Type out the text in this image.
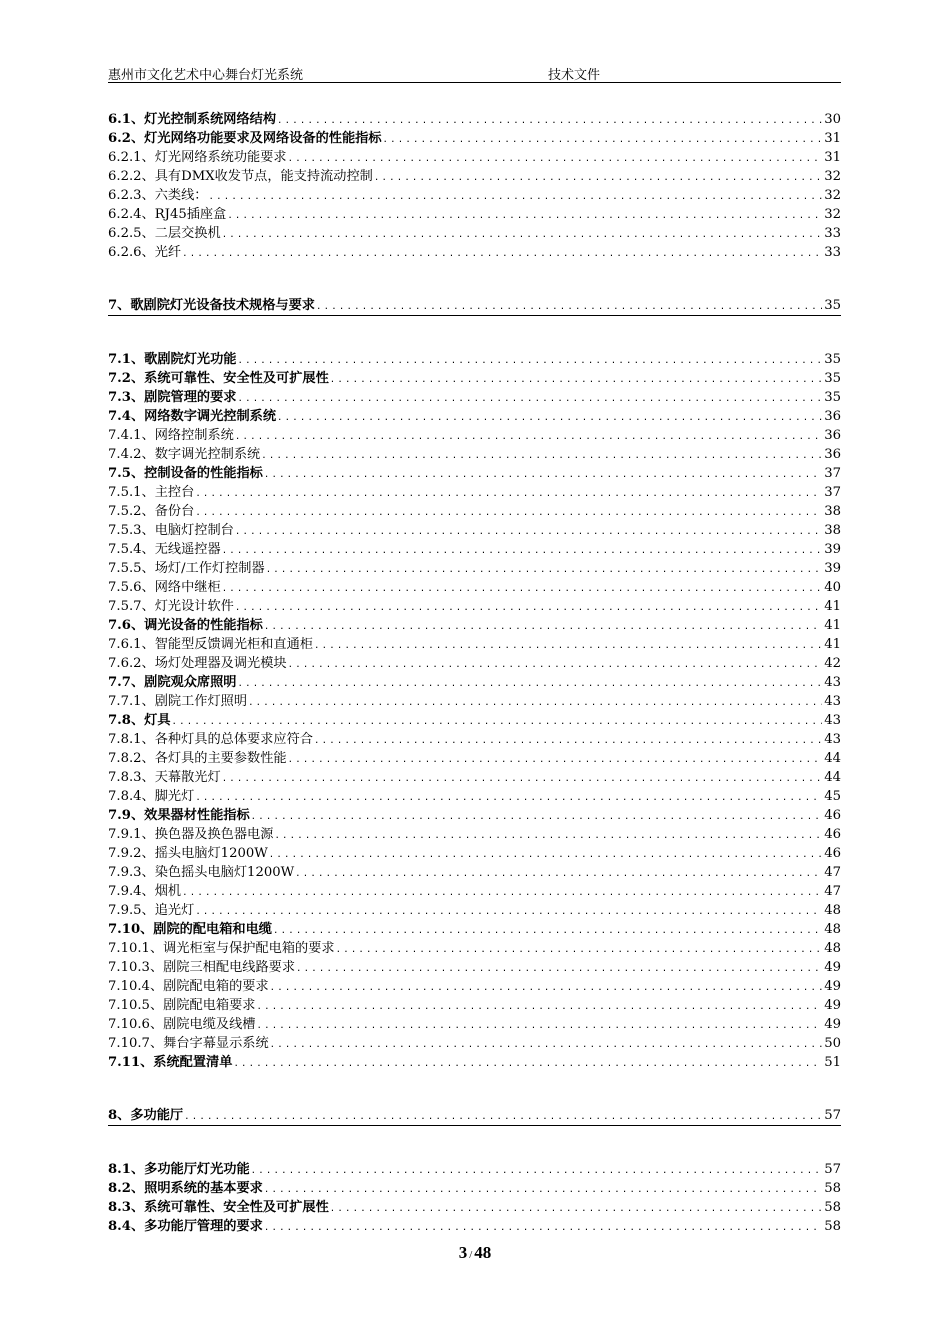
惠州市文化艺术中心舞台灯光系统	技术文件
6.1、灯光控制系统网络结构 .....	30
6.2、灯光网络功能要求及网络设备的性能指标 .....	31
6.2.1、灯光网络系统功能要求 .....	31
6.2.2、具有DMX收发节点，能支持流动控制 .....	32
6.2.3、六类线： .....	32
6.2.4、RJ45插座盒 .....	32
6.2.5、二层交换机 .....	33
6.2.6、光纤 .....	33
7、歌剧院灯光设备技术规格与要求 .....	35
7.1、歌剧院灯光功能 .....	35
7.2、系统可靠性、安全性及可扩展性 .....	35
7.3、剧院管理的要求 .....	35
7.4、网络数字调光控制系统 .....	36
7.4.1、网络控制系统 .....	36
7.4.2、数字调光控制系统 .....	36
7.5、控制设备的性能指标 .....	37
7.5.1、主控台 .....	37
7.5.2、备份台 .....	38
7.5.3、电脑灯控制台 .....	38
7.5.4、无线遥控器 .....	39
7.5.5、场灯/工作灯控制器 .....	39
7.5.6、网络中继柜 .....	40
7.5.7、灯光设计软件 .....	41
7.6、调光设备的性能指标 .....	41
7.6.1、智能型反馈调光柜和直通柜 .....	41
7.6.2、场灯处理器及调光模块 .....	42
7.7、剧院观众席照明 .....	43
7.7.1、剧院工作灯照明 .....	43
7.8、灯具 .....	43
7.8.1、各种灯具的总体要求应符合 .....	43
7.8.2、各灯具的主要参数性能 .....	44
7.8.3、天幕散光灯 .....	44
7.8.4、脚光灯 .....	45
7.9、效果器材性能指标 .....	46
7.9.1、换色器及换色器电源 .....	46
7.9.2、摇头电脑灯1200W .....	46
7.9.3、染色摇头电脑灯1200W .....	47
7.9.4、烟机 .....	47
7.9.5、追光灯 .....	48
7.10、剧院的配电箱和电缆 .....	48
7.10.1、调光柜室与保护配电箱的要求 .....	48
7.10.3、剧院三相配电线路要求 .....	49
7.10.4、剧院配电箱的要求 .....	49
7.10.5、剧院配电箱要求 .....	49
7.10.6、剧院电缆及线槽 .....	49
7.10.7、舞台字幕显示系统 .....	50
7.11、系统配置清单 .....	51
8、多功能厅 .....	57
8.1、多功能厅灯光功能 .....	57
8.2、照明系统的基本要求 .....	58
8.3、系统可靠性、安全性及可扩展性 .....	58
8.4、多功能厅管理的要求 .....	58
3 / 48
